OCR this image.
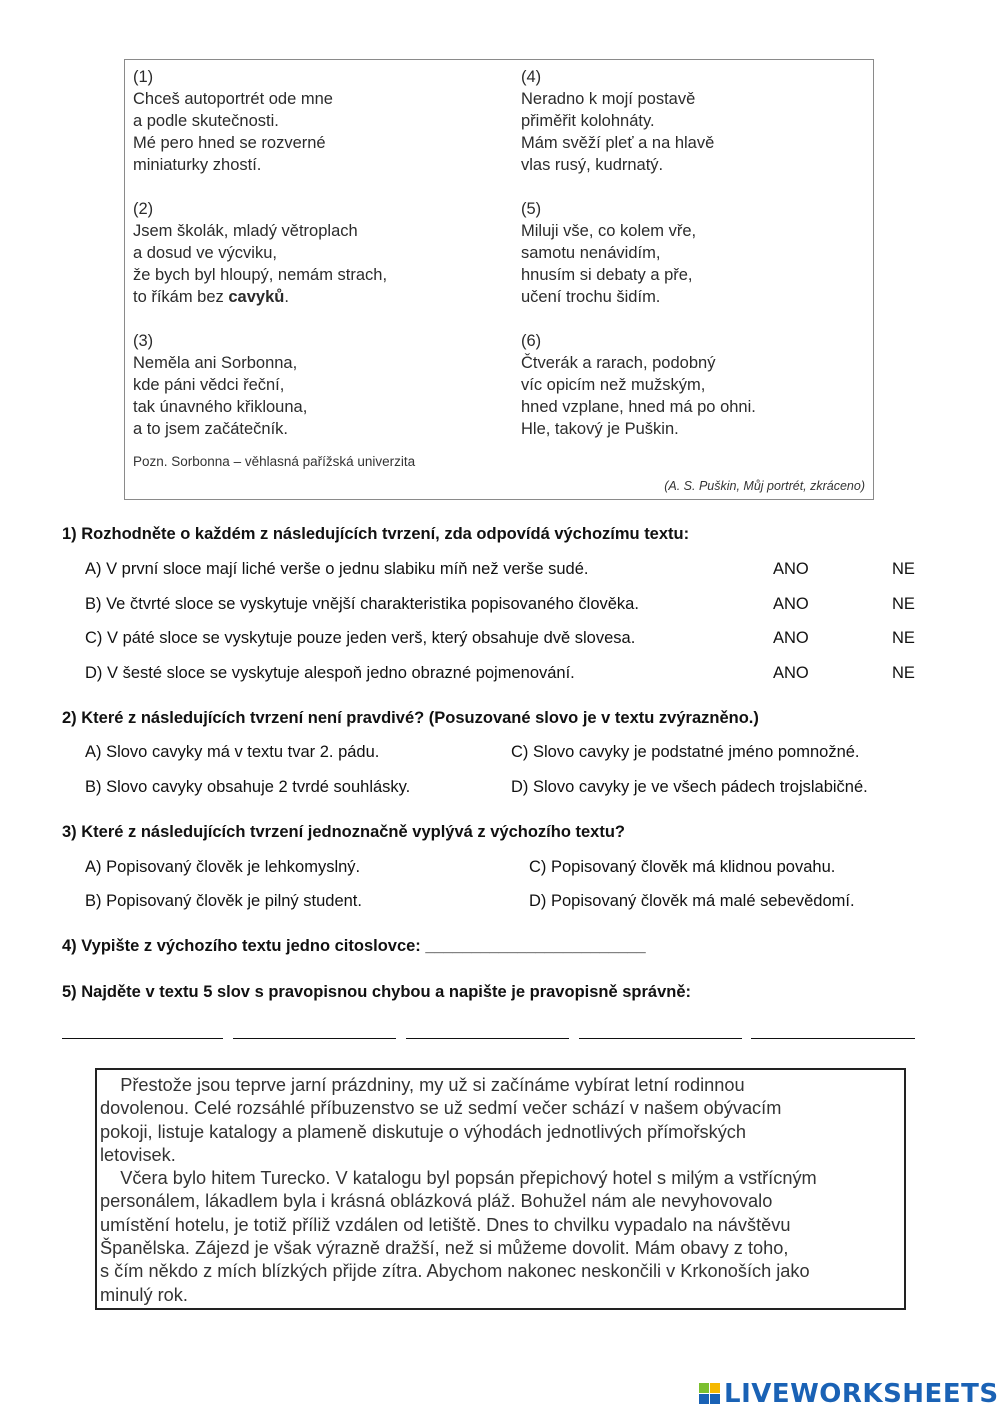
(1)
Chceš autoportrét ode mne
a podle skutečnosti.
Mé pero hned se rozverné
miniaturky zhostí.
(2)
Jsem školák, mladý větroplach
a dosud ve výcviku,
že bych byl hloupý, nemám strach,
to říkám bez cavyků.
(3)
Neměla ani Sorbonna,
kde páni vědci řeční,
tak únavného křiklouna,
a to jsem začátečník.
(4)
Neradno k mojí postavě
přiměřit kolohnáty.
Mám svěží pleť a na hlavě
vlas rusý, kudrnatý.
(5)
Miluji vše, co kolem vře,
samotu nenávidím,
hnusím si debaty a pře,
učení trochu šidím.
(6)
Čtverák a rarach, podobný
víc opicím než mužským,
hned vzplane, hned má po ohni.
Hle, takový je Puškin.
Pozn. Sorbonna – věhlasná pařížská univerzita
(A. S. Puškin, Můj portrét, zkráceno)
1) Rozhodněte o každém z následujících tvrzení, zda odpovídá výchozímu textu:
A) V první sloce mají liché verše o jednu slabiku míň než verše sudé.	ANO	NE
B) Ve čtvrté sloce se vyskytuje vnější charakteristika popisovaného člověka.	ANO	NE
C) V páté sloce se vyskytuje pouze jeden verš, který obsahuje dvě slovesa.	ANO	NE
D) V šesté sloce se vyskytuje alespoň jedno obrazné pojmenování.	ANO	NE
2) Které z následujících tvrzení není pravdivé? (Posuzované slovo je v textu zvýrazněno.)
A) Slovo cavyky má v textu tvar 2. pádu.	C) Slovo cavyky je podstatné jméno pomnožné.
B) Slovo cavyky obsahuje 2 tvrdé souhlásky.	D) Slovo cavyky je ve všech pádech trojslabičné.
3) Které z následujících tvrzení jednoznačně vyplývá z výchozího textu?
A) Popisovaný člověk je lehkomyslný.	C) Popisovaný člověk má klidnou povahu.
B) Popisovaný člověk je pilný student.	D) Popisovaný člověk má malé sebevědomí.
4) Vypište z výchozího textu jedno citoslovce: ________________________
5) Najděte v textu 5 slov s pravopisnou chybou a napište je pravopisně správně:
Přestože jsou teprve jarní prázdniny, my už si začínáme vybírat letní rodinnou
dovolenou. Celé rozsáhlé příbuzenstvo se už sedmí večer schází v našem obývacím
pokoji, listuje katalogy a plameně diskutuje o výhodách jednotlivých přímořských
letovisek.
Včera bylo hitem Turecko. V katalogu byl popsán přepichový hotel s milým a vstřícným
personálem, lákadlem byla i krásná oblázková pláž. Bohužel nám ale nevyhovovalo
umístění hotelu, je totiž příliž vzdálen od letiště. Dnes to chvilku vypadalo na návštěvu
Španělska. Zájezd je však výrazně dražší, než si můžeme dovolit. Mám obavy z toho,
s čím někdo z mích blízkých přijde zítra. Abychom nakonec neskončili v Krkonoších jako
minulý rok.
LIVEWORKSHEETS
